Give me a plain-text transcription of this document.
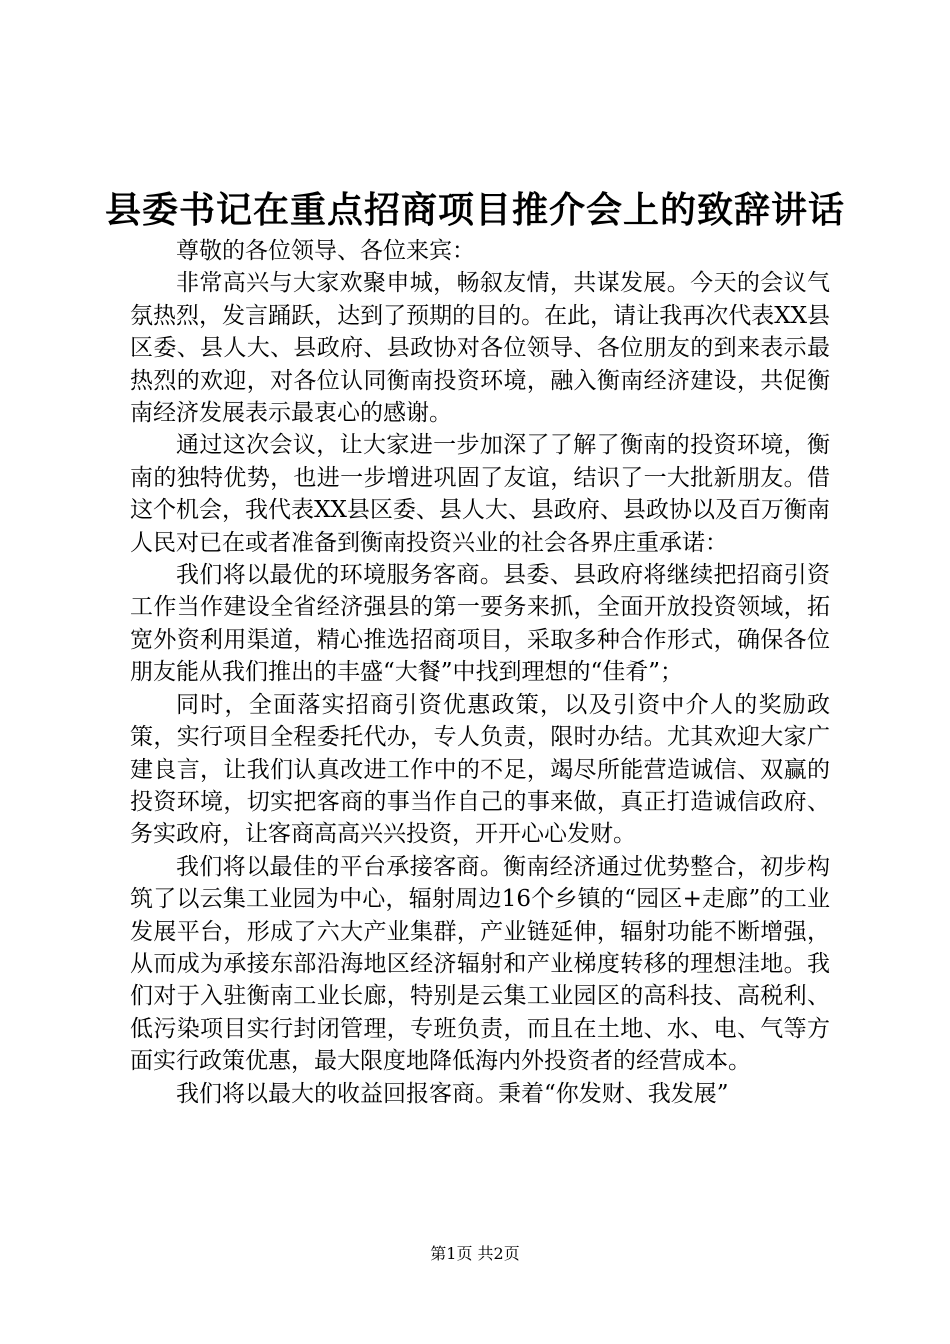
县委书记在重点招商项目推介会上的致辞讲话

尊敬的各位领导、各位来宾：

非常高兴与大家欢聚申城，畅叙友情，共谋发展。今天的会议气氛热烈，发言踊跃，达到了预期的目的。在此，请让我再次代表XX县区委、县人大、县政府、县政协对各位领导、各位朋友的到来表示最热烈的欢迎，对各位认同衡南投资环境，融入衡南经济建设，共促衡南经济发展表示最衷心的感谢。

通过这次会议，让大家进一步加深了了解了衡南的投资环境，衡南的独特优势，也进一步增进巩固了友谊，结识了一大批新朋友。借这个机会，我代表XX县区委、县人大、县政府、县政协以及百万衡南人民对已在或者准备到衡南投资兴业的社会各界庄重承诺：

我们将以最优的环境服务客商。县委、县政府将继续把招商引资工作当作建设全省经济强县的第一要务来抓，全面开放投资领域，拓宽外资利用渠道，精心推选招商项目，采取多种合作形式，确保各位朋友能从我们推出的丰盛“大餐”中找到理想的“佳肴”；

同时，全面落实招商引资优惠政策，以及引资中介人的奖励政策，实行项目全程委托代办，专人负责，限时办结。尤其欢迎大家广建良言，让我们认真改进工作中的不足，竭尽所能营造诚信、双赢的投资环境，切实把客商的事当作自己的事来做，真正打造诚信政府、务实政府，让客商高高兴兴投资，开开心心发财。

我们将以最佳的平台承接客商。衡南经济通过优势整合，初步构筑了以云集工业园为中心，辐射周边16个乡镇的“园区+走廊”的工业发展平台，形成了六大产业集群，产业链延伸，辐射功能不断增强，从而成为承接东部沿海地区经济辐射和产业梯度转移的理想洼地。我们对于入驻衡南工业长廊，特别是云集工业园区的高科技、高税利、低污染项目实行封闭管理，专班负责，而且在土地、水、电、气等方面实行政策优惠，最大限度地降低海内外投资者的经营成本。

我们将以最大的收益回报客商。秉着“你发财、我发展”

第1页 共2页
